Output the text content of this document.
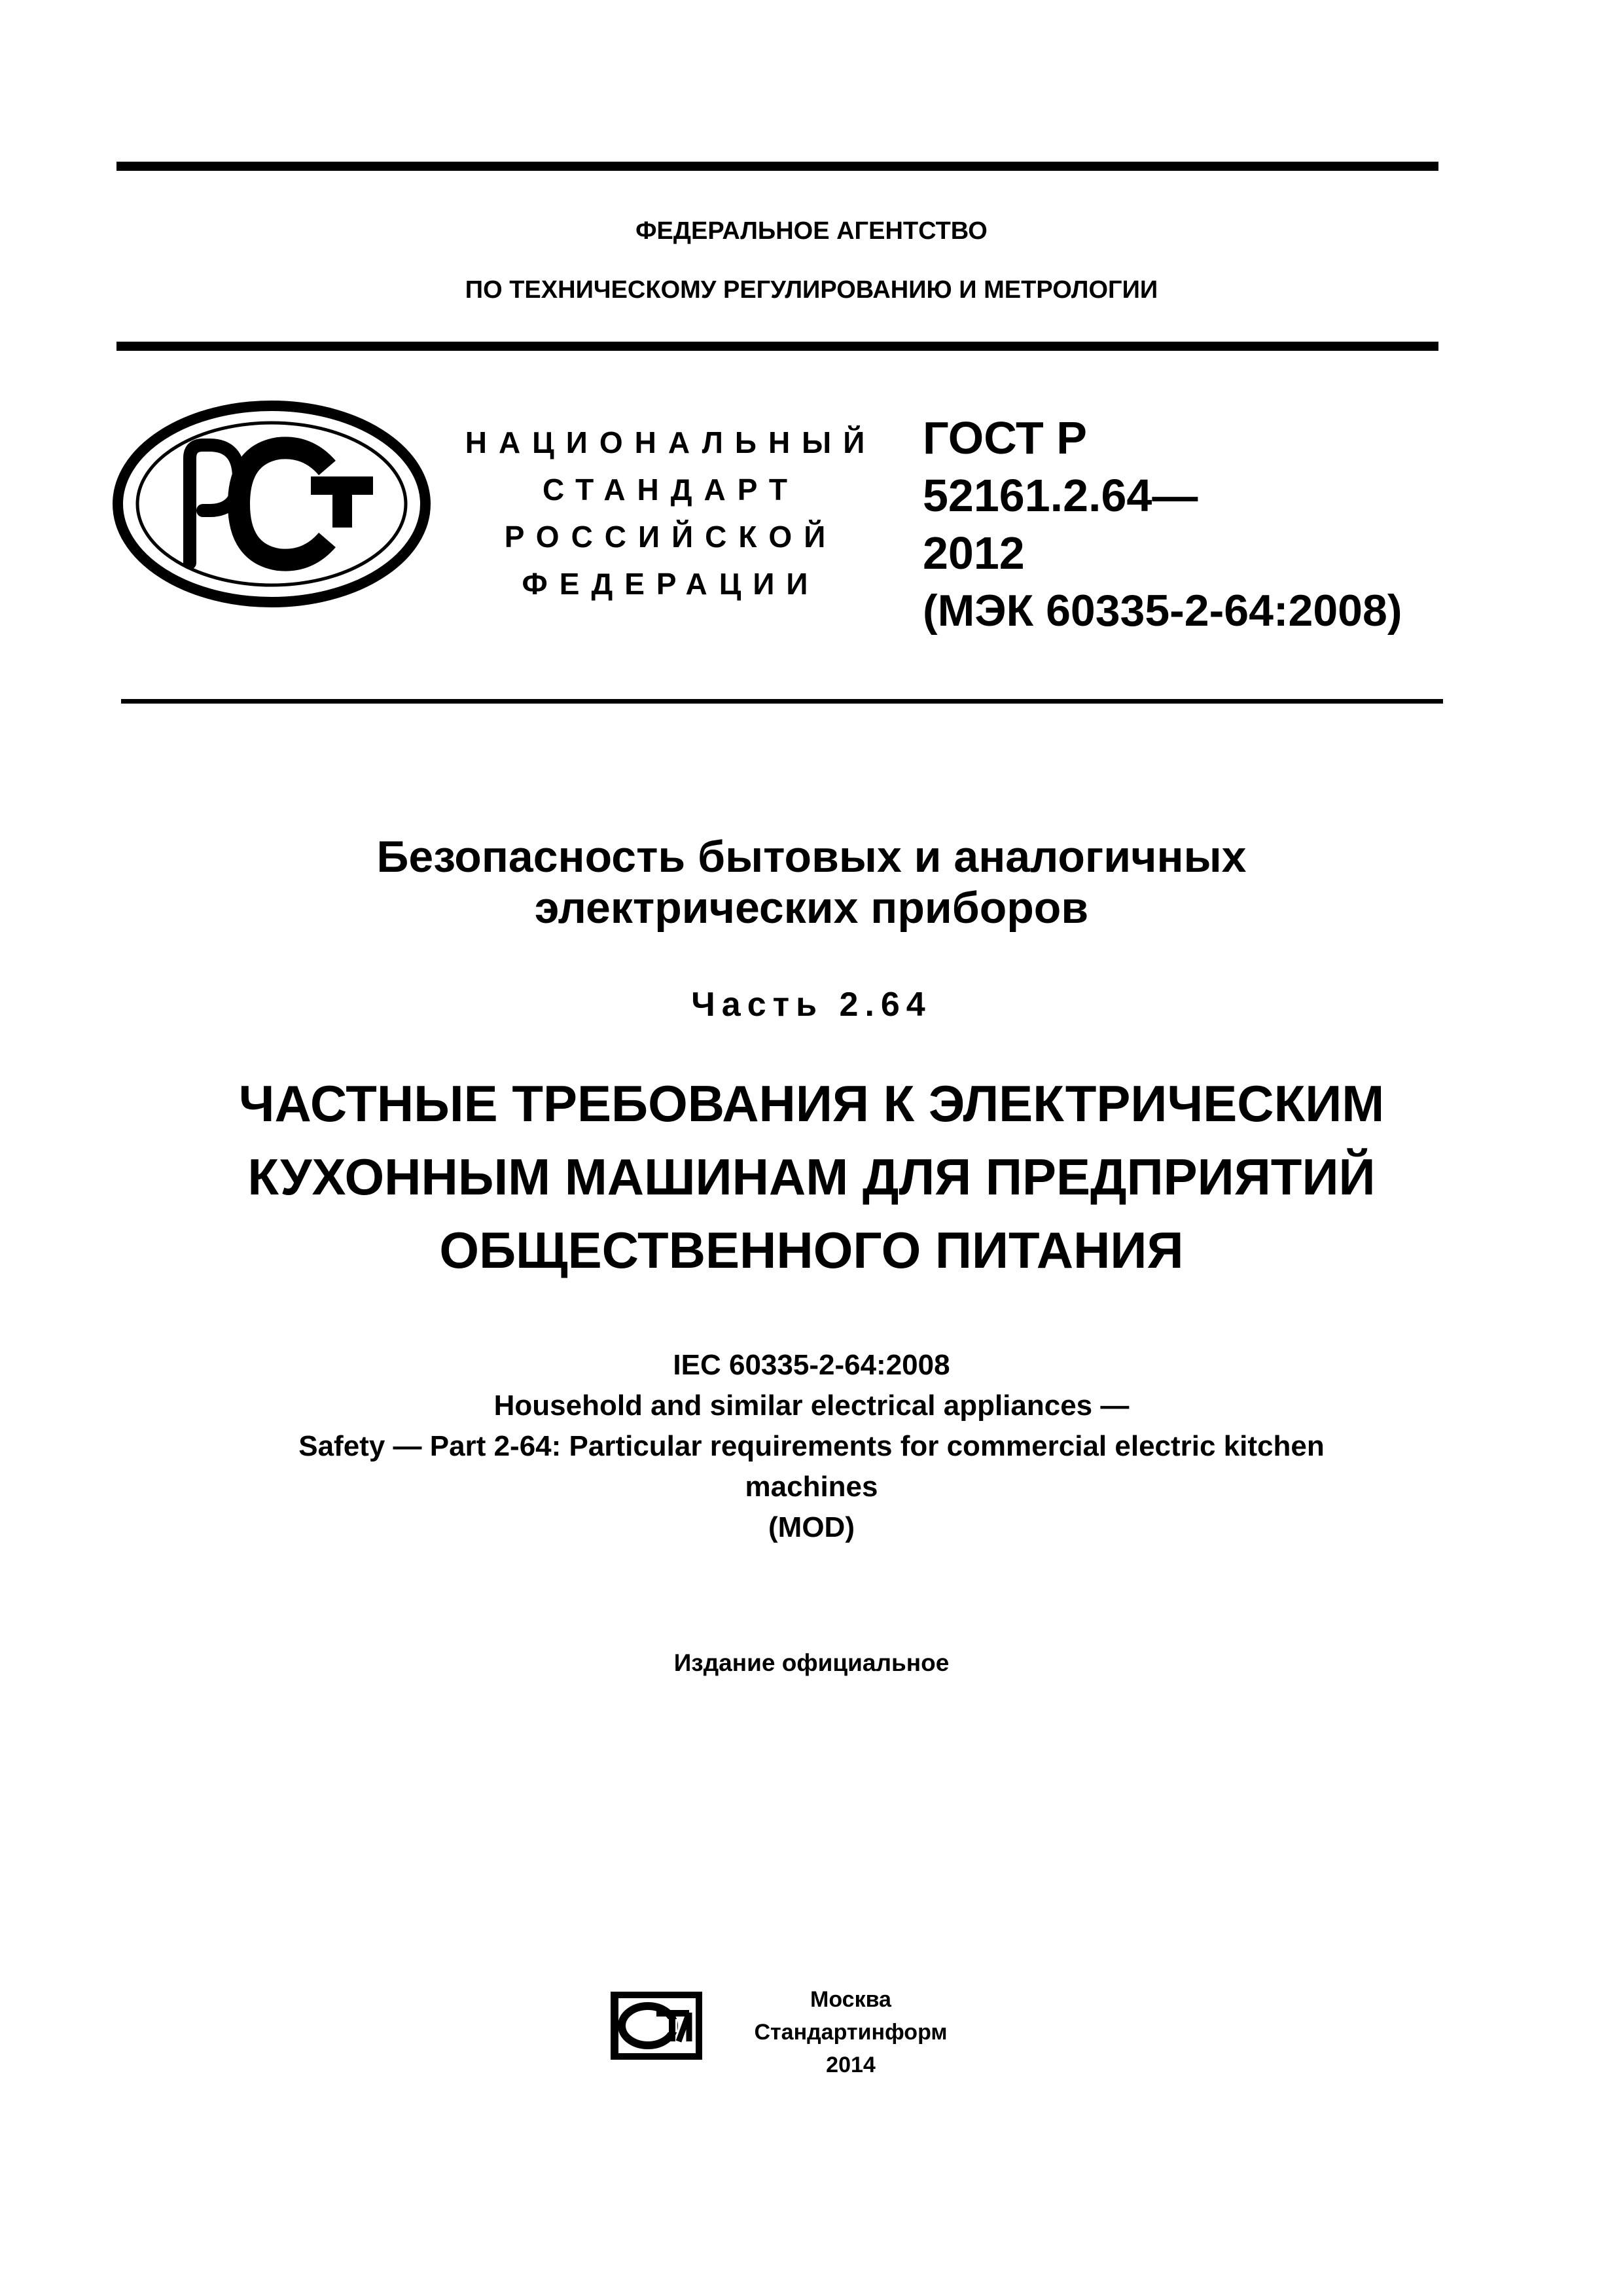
ФЕДЕРАЛЬНОЕ АГЕНТСТВО
ПО ТЕХНИЧЕСКОМУ РЕГУЛИРОВАНИЮ И МЕТРОЛОГИИ
НАЦИОНАЛЬНЫЙ
СТАНДАРТ
РОССИЙСКОЙ
ФЕДЕРАЦИИ
ГОСТ Р
52161.2.64—
2012
(МЭК 60335-2-64:2008)
Безопасность бытовых и аналогичных
электрических приборов
Часть 2.64
ЧАСТНЫЕ ТРЕБОВАНИЯ К ЭЛЕКТРИЧЕСКИМ
КУХОННЫМ МАШИНАМ ДЛЯ ПРЕДПРИЯТИЙ
ОБЩЕСТВЕННОГО ПИТАНИЯ
IEC 60335-2-64:2008
Household and similar electrical appliances —
Safety — Part 2-64: Particular requirements for commercial electric kitchen
machines
(MOD)
Издание официальное
Москва
Стандартинформ
2014
